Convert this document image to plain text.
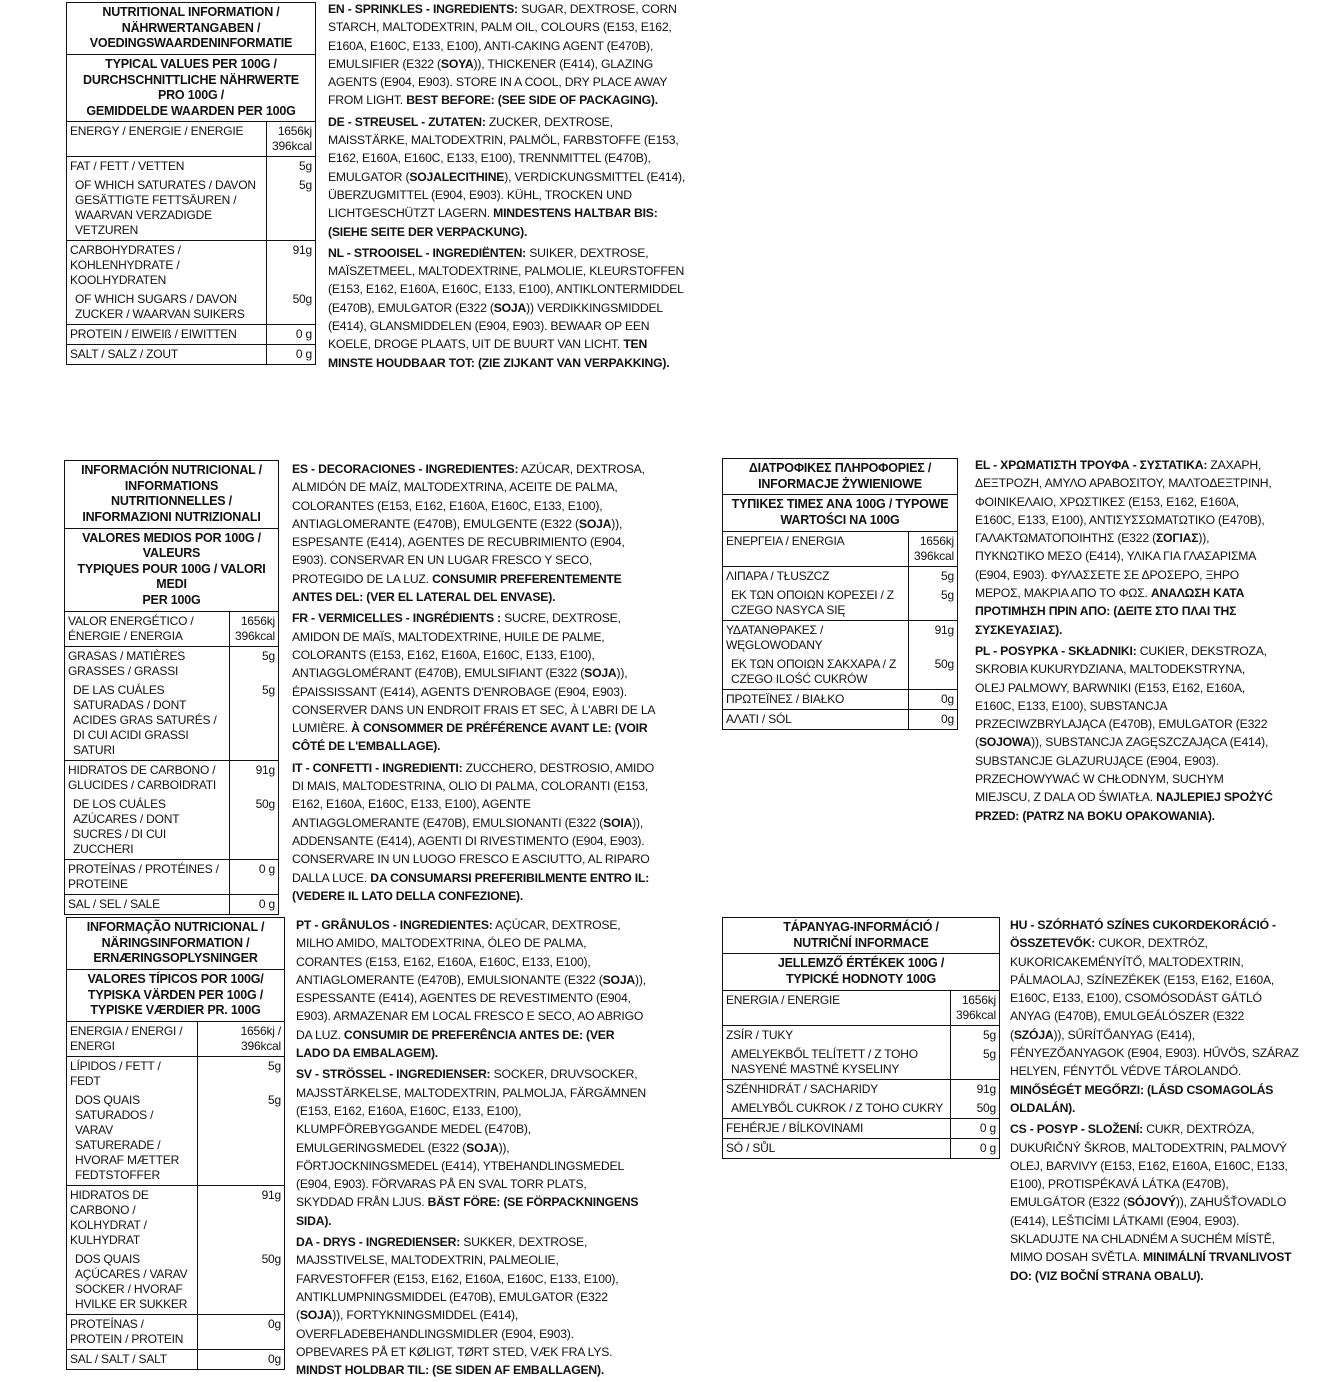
NUTRITIONAL INFORMATION /
NÄHRWERTANGABEN /
VOEDINGSWAARDENINFORMATIE
TYPICAL VALUES PER 100G /
DURCHSCHNITTLICHE NÄHRWERTE PRO 100G /
GEMIDDELDE WAARDEN PER 100G
ENERGY / ENERGIE / ENERGIE	1656kj
396kcal
FAT / FETT / VETTEN	5g
OF WHICH SATURATES / DAVON GESÄTTIGTE FETTSÄUREN / WAARVAN VERZADIGDE VETZUREN	5g
CARBOHYDRATES / KOHLENHYDRATE / KOOLHYDRATEN	91g
OF WHICH SUGARS / DAVON ZUCKER / WAARVAN SUIKERS	50g
PROTEIN / EIWEIß / EIWITTEN	0 g
SALT / SALZ / ZOUT	0 g

EN - SPRINKLES - INGREDIENTS: SUGAR, DEXTROSE, CORN STARCH, MALTODEXTRIN, PALM OIL, COLOURS (E153, E162, E160A, E160C, E133, E100), ANTI-CAKING AGENT (E470B), EMULSIFIER (E322 (SOYA)), THICKENER (E414), GLAZING AGENTS (E904, E903). STORE IN A COOL, DRY PLACE AWAY FROM LIGHT. BEST BEFORE: (SEE SIDE OF PACKAGING).

DE - STREUSEL - ZUTATEN: ZUCKER, DEXTROSE, MAISSTÄRKE, MALTODEXTRIN, PALMÖL, FARBSTOFFE (E153, E162, E160A, E160C, E133, E100), TRENNMITTEL (E470B), EMULGATOR (SOJALECITHINE), VERDICKUNGSMITTEL (E414), ÜBERZUGMITTEL (E904, E903). KÜHL, TROCKEN UND LICHTGESCHÜTZT LAGERN. MINDESTENS HALTBAR BIS: (SIEHE SEITE DER VERPACKUNG).

NL - STROOISEL - INGREDIËNTEN: SUIKER, DEXTROSE, MAÏSZETMEEL, MALTODEXTRINE, PALMOLIE, KLEURSTOFFEN (E153, E162, E160A, E160C, E133, E100), ANTIKLONTERMIDDEL (E470B), EMULGATOR (E322 (SOJA)) VERDIKKINGSMIDDEL (E414), GLANSMIDDELEN (E904, E903). BEWAAR OP EEN KOELE, DROGE PLAATS, UIT DE BUURT VAN LICHT. TEN MINSTE HOUDBAAR TOT: (ZIE ZIJKANT VAN VERPAKKING).

INFORMACIÓN NUTRICIONAL /
INFORMATIONS NUTRITIONNELLES /
INFORMAZIONI NUTRIZIONALI
VALORES MEDIOS POR 100G / VALEURS
TYPIQUES POUR 100G / VALORI MEDI
PER 100G
VALOR ENERGÉTICO / ÉNERGIE / ENERGIA	1656kj
396kcal
GRASAS / MATIÈRES GRASSES / GRASSI	5g
DE LAS CUÁLES SATURADAS / DONT ACIDES GRAS SATURÉS / DI CUI ACIDI GRASSI SATURI	5g
HIDRATOS DE CARBONO / GLUCIDES / CARBOIDRATI	91g
DE LOS CUÁLES AZÚCARES / DONT SUCRES / DI CUI ZUCCHERI	50g
PROTEÍNAS / PROTÉINES / PROTEINE	0 g
SAL / SEL / SALE	0 g

ES - DECORACIONES - INGREDIENTES: AZÚCAR, DEXTROSA, ALMIDÓN DE MAÍZ, MALTODEXTRINA, ACEITE DE PALMA, COLORANTES (E153, E162, E160A, E160C, E133, E100), ANTIAGLOMERANTE (E470B), EMULGENTE (E322 (SOJA)), ESPESANTE (E414), AGENTES DE RECUBRIMIENTO (E904, E903). CONSERVAR EN UN LUGAR FRESCO Y SECO, PROTEGIDO DE LA LUZ. CONSUMIR PREFERENTEMENTE ANTES DEL: (VER EL LATERAL DEL ENVASE).

FR - VERMICELLES - INGRÉDIENTS : SUCRE, DEXTROSE, AMIDON DE MAÏS, MALTODEXTRINE, HUILE DE PALME, COLORANTS (E153, E162, E160A, E160C, E133, E100), ANTIAGGLOMÉRANT (E470B), EMULSIFIANT (E322 (SOJA)), ÉPAISSISSANT (E414), AGENTS D'ENROBAGE (E904, E903). CONSERVER DANS UN ENDROIT FRAIS ET SEC, À L'ABRI DE LA LUMIÈRE. À CONSOMMER DE PRÉFÉRENCE AVANT LE: (VOIR CÔTÉ DE L'EMBALLAGE).

IT - CONFETTI - INGREDIENTI: ZUCCHERO, DESTROSIO, AMIDO DI MAIS, MALTODESTRINA, OLIO DI PALMA, COLORANTI (E153, E162, E160A, E160C, E133, E100), AGENTE ANTIAGGLOMERANTE (E470B), EMULSIONANTI (E322 (SOIA)), ADDENSANTE (E414), AGENTI DI RIVESTIMENTO (E904, E903). CONSERVARE IN UN LUOGO FRESCO E ASCIUTTO, AL RIPARO DALLA LUCE. DA CONSUMARSI PREFERIBILMENTE ENTRO IL: (VEDERE IL LATO DELLA CONFEZIONE).

ΔΙΑΤΡΟΦΙΚΕΣ ΠΛΗΡΟΦΟΡΙΕΣ /
INFORMACJE ŻYWIENIOWE
ΤΥΠΙΚΕΣ ΤΙΜΕΣ ΑΝΑ 100G / TYPOWE
WARTOŚCI NA 100G
ΕΝΕΡΓΕΙΑ / ENERGIA	1656kj
396kcal
ΛΙΠΑΡΑ / TŁUSZCZ	5g
ΕΚ ΤΩΝ ΟΠΟΙΩΝ ΚΟΡΕΣΕΙ / Z CZEGO NASYCA SIĘ	5g
ΥΔΑΤΑΝΘΡΑΚΕΣ / WĘGLOWODANY	91g
ΕΚ ΤΩΝ ΟΠΟΙΩΝ ΣΑΚΧΑΡΑ / Z CZEGO ILOŚĆ CUKRÓW	50g
ΠΡΩΤΕΪΝΕΣ / BIAŁKO	0g
ΑΛΑΤΙ / SÓL	0g

EL - ΧΡΩΜΑΤΙΣΤΗ ΤΡΟΥΦΑ - ΣΥΣΤΑΤΙΚΑ: ΖΑΧΑΡΗ, ΔΕΞΤΡΟΖΗ, ΑΜΥΛΟ ΑΡΑΒΟΣΙΤΟΥ, ΜΑΛΤΟΔΕΞΤΡΙΝΗ, ΦΟΙΝΙΚΕΛΑΙΟ, ΧΡΩΣΤΙΚΕΣ (E153, E162, E160A, E160C, E133, E100), ΑΝΤΙΣΥΣΣΩΜΑΤΩΤΙΚΟ (E470B), ΓΑΛΑΚΤΩΜΑΤΟΠΟΙΗΤΗΣ (E322 (ΣΟΓΙΑΣ)), ΠΥΚΝΩΤΙΚΟ ΜΕΣΟ (E414), ΥΛΙΚΑ ΓΙΑ ΓΛΑΣΑΡΙΣΜΑ (E904, E903). ΦΥΛΑΣΣΕΤΕ ΣΕ ΔΡΟΣΕΡΟ, ΞΗΡΟ ΜΕΡΟΣ, ΜΑΚΡΙΑ ΑΠΟ ΤΟ ΦΩΣ. ΑΝΑΛΩΣΗ ΚΑΤΑ ΠΡΟΤΙΜΗΣΗ ΠΡΙΝ ΑΠΟ: (ΔΕΙΤΕ ΣΤΟ ΠΛΑΙ ΤΗΣ ΣΥΣΚΕΥΑΣΙΑΣ).

PL - POSYPKA - SKŁADNIKI: CUKIER, DEKSTROZA, SKROBIA KUKURYDZIANA, MALTODEKSTRYNA, OLEJ PALMOWY, BARWNIKI (E153, E162, E160A, E160C, E133, E100), SUBSTANCJA PRZECIWZBRYLAJĄCA (E470B), EMULGATOR (E322 (SOJOWA)), SUBSTANCJA ZAGĘSZCZAJĄCA (E414), SUBSTANCJE GLAZURUJĄCE (E904, E903). PRZECHOWYWAĆ W CHŁODNYM, SUCHYM MIEJSCU, Z DALA OD ŚWIATŁA. NAJLEPIEJ SPOŻYĆ PRZED: (PATRZ NA BOKU OPAKOWANIA).

INFORMAÇÃO NUTRICIONAL /
NÄRINGSINFORMATION /
ERNÆRINGSOPLYSNINGER
VALORES TÍPICOS POR 100G/
TYPISKA VÄRDEN PER 100G /
TYPISKE VÆRDIER PR. 100G
ENERGIA / ENERGI / ENERGI	1656kj / 396kcal
LÍPIDOS / FETT / FEDT	5g
DOS QUAIS SATURADOS / VARAV SATURERADE / HVORAF MÆTTER FEDTSTOFFER	5g
HIDRATOS DE CARBONO / KOLHYDRAT / KULHYDRAT	91g
DOS QUAIS AÇÚCARES / VARAV SOCKER / HVORAF HVILKE ER SUKKER	50g
PROTEÍNAS / PROTEIN / PROTEIN	0g
SAL / SALT / SALT	0g

PT - GRÂNULOS - INGREDIENTES: AÇÚCAR, DEXTROSE, MILHO AMIDO, MALTODEXTRINA, ÓLEO DE PALMA, CORANTES (E153, E162, E160A, E160C, E133, E100), ANTIAGLOMERANTE (E470B), EMULSIONANTE (E322 (SOJA)), ESPESSANTE (E414), AGENTES DE REVESTIMENTO (E904, E903). ARMAZENAR EM LOCAL FRESCO E SECO, AO ABRIGO DA LUZ. CONSUMIR DE PREFERÊNCIA ANTES DE: (VER LADO DA EMBALAGEM).

SV - STRÖSSEL - INGREDIENSER: SOCKER, DRUVSOCKER, MAJSSTÄRKELSE, MALTODEXTRIN, PALMOLJA, FÄRGÄMNEN (E153, E162, E160A, E160C, E133, E100), KLUMPFÖREBYGGANDE MEDEL (E470B), EMULGERINGSMEDEL (E322 (SOJA)), FÖRTJOCKNINGSMEDEL (E414), YTBEHANDLINGSMEDEL (E904, E903). FÖRVARAS PÅ EN SVAL TORR PLATS, SKYDDAD FRÅN LJUS. BÄST FÖRE: (SE FÖRPACKNINGENS SIDA).

DA - DRYS - INGREDIENSER: SUKKER, DEXTROSE, MAJSSTIVELSE, MALTODEXTRIN, PALMEOLIE, FARVESTOFFER (E153, E162, E160A, E160C, E133, E100), ANTIKLUMPNINGSMIDDEL (E470B), EMULGATOR (E322 (SOJA)), FORTYKNINGSMIDDEL (E414), OVERFLADEBEHANDLINGSMIDLER (E904, E903). OPBEVARES PÅ ET KØLIGT, TØRT STED, VÆK FRA LYS. MINDST HOLDBAR TIL: (SE SIDEN AF EMBALLAGEN).

TÁPANYAG-INFORMÁCIÓ /
NUTRIČNÍ INFORMACE
JELLEMZŐ ÉRTÉKEK 100G /
TYPICKÉ HODNOTY 100G
ENERGIA / ENERGIE	1656kj
396kcal
ZSÍR / TUKY	5g
AMELYEKBŐL TELÍTETT / Z TOHO NASYENÉ MASTNÉ KYSELINY	5g
SZÉNHIDRÁT / SACHARIDY	91g
AMELYBŐL CUKROK / Z TOHO CUKRY	50g
FEHÉRJE / BÍLKOVINAMI	0 g
SÓ / SŮL	0 g

HU - SZÓRHATÓ SZÍNES CUKORDEKORÁCIÓ - ÖSSZETEVŐK: CUKOR, DEXTRÓZ, KUKORICAKEMÉNYÍTŐ, MALTODEXTRIN, PÁLMAOLAJ, SZÍNEZÉKEK (E153, E162, E160A, E160C, E133, E100), CSOMÓSODÁST GÁTLÓ ANYAG (E470B), EMULGEÁLÓSZER (E322 (SZÓJA)), SŰRÍTŐANYAG (E414), FÉNYEZŐANYAGOK (E904, E903). HŰVÖS, SZÁRAZ HELYEN, FÉNYTŐL VÉDVE TÁROLANDÓ. MINŐSÉGÉT MEGŐRZI: (LÁSD CSOMAGOLÁS OLDALÁN).

CS - POSYP - SLOŽENÍ: CUKR, DEXTRÓZA, DUKUŘIČNÝ ŠKROB, MALTODEXTRIN, PALMOVÝ OLEJ, BARVIVY (E153, E162, E160A, E160C, E133, E100), PROTISPÉKAVÁ LÁTKA (E470B), EMULGÁTOR (E322 (SÓJOVÝ)), ZAHUŠŤOVADLO (E414), LEŠTICÍMI LÁTKAMI (E904, E903). SKLADUJTE NA CHLADNÉM A SUCHÉM MÍSTĚ, MIMO DOSAH SVĚTLA. MINIMÁLNÍ TRVANLIVOST DO: (VIZ BOČNÍ STRANA OBALU).
